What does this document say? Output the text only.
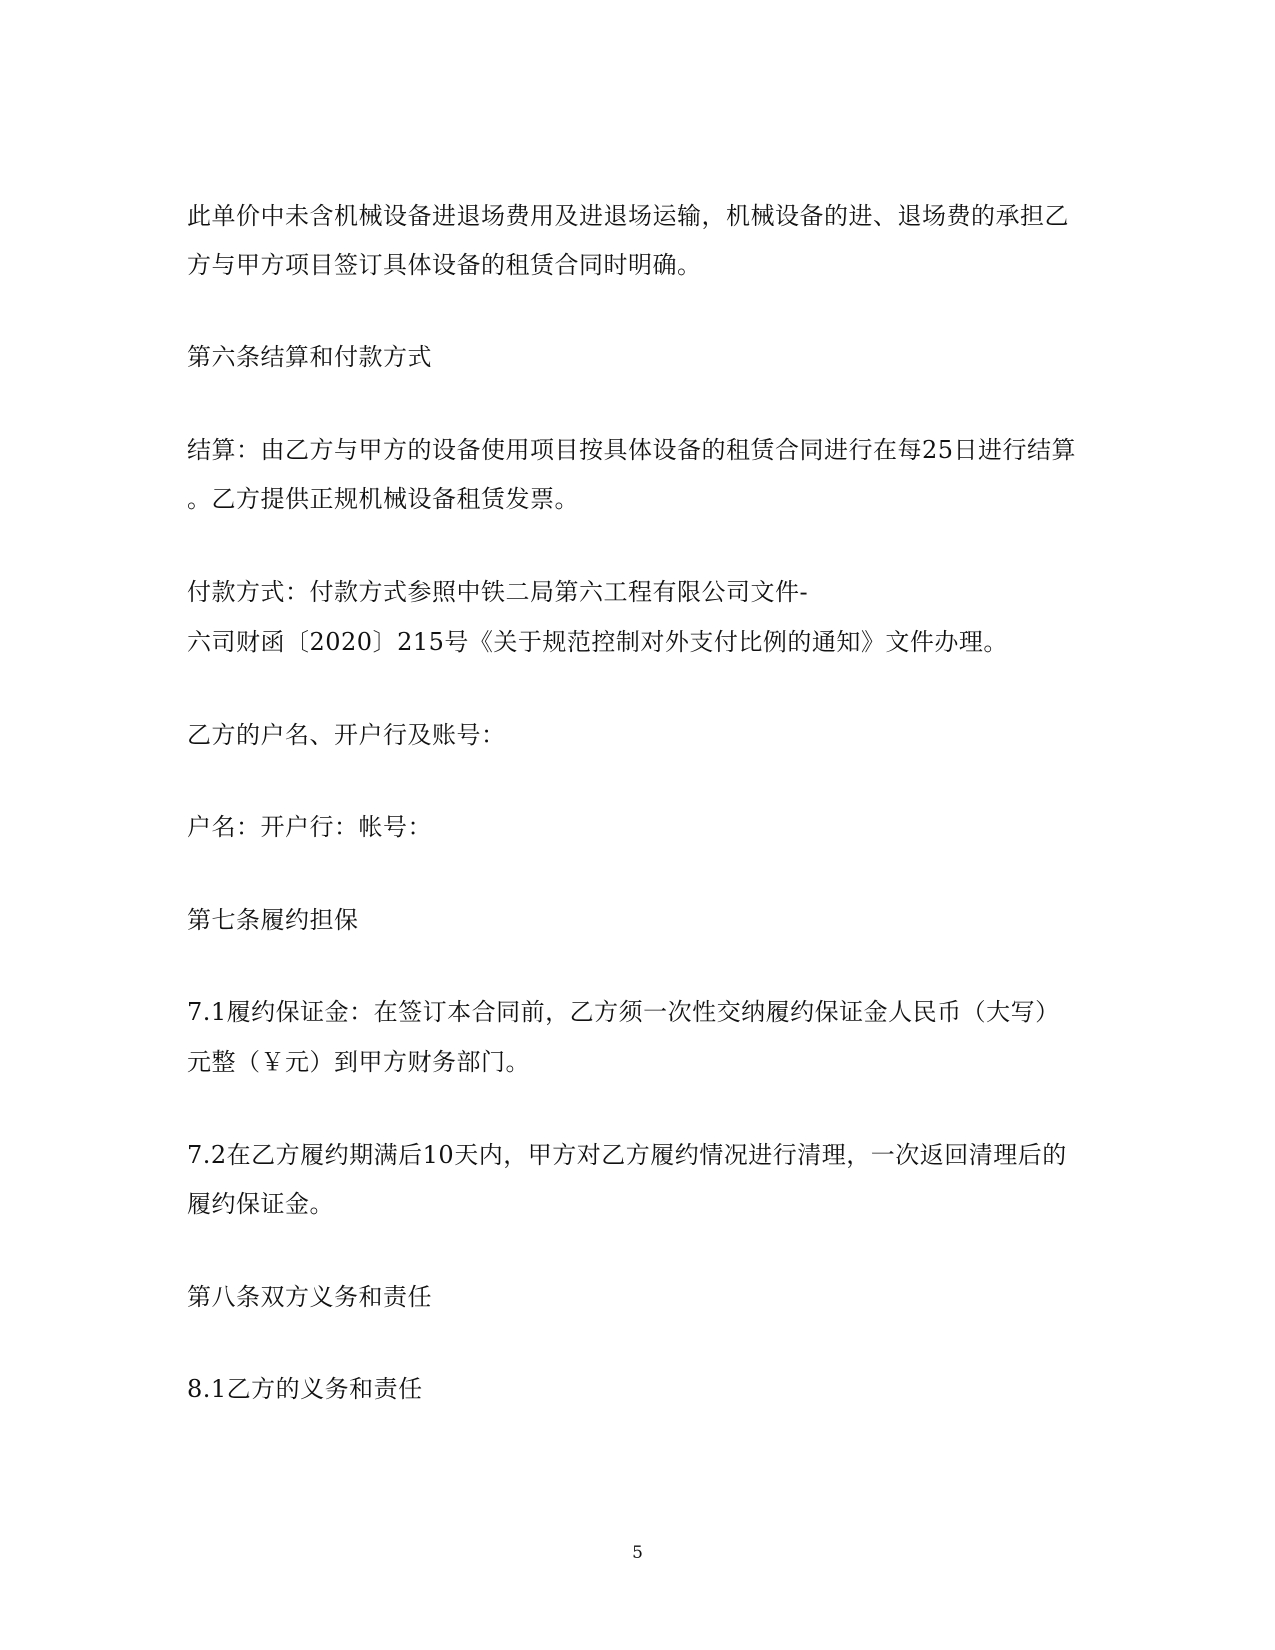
此单价中未含机械设备进退场费用及进退场运输，机械设备的进、退场费的承担乙
方与甲方项目签订具体设备的租赁合同时明确。
第六条结算和付款方式
结算：由乙方与甲方的设备使用项目按具体设备的租赁合同进行在每25日进行结算
。乙方提供正规机械设备租赁发票。
付款方式：付款方式参照中铁二局第六工程有限公司文件-
六司财函〔2020〕215号《关于规范控制对外支付比例的通知》文件办理。
乙方的户名、开户行及账号：
户名：开户行：帐号：
第七条履约担保
7.1履约保证金：在签订本合同前，乙方须一次性交纳履约保证金人民币（大写）
元整（￥元）到甲方财务部门。
7.2在乙方履约期满后10天内，甲方对乙方履约情况进行清理，一次返回清理后的
履约保证金。
第八条双方义务和责任
8.1乙方的义务和责任
5
